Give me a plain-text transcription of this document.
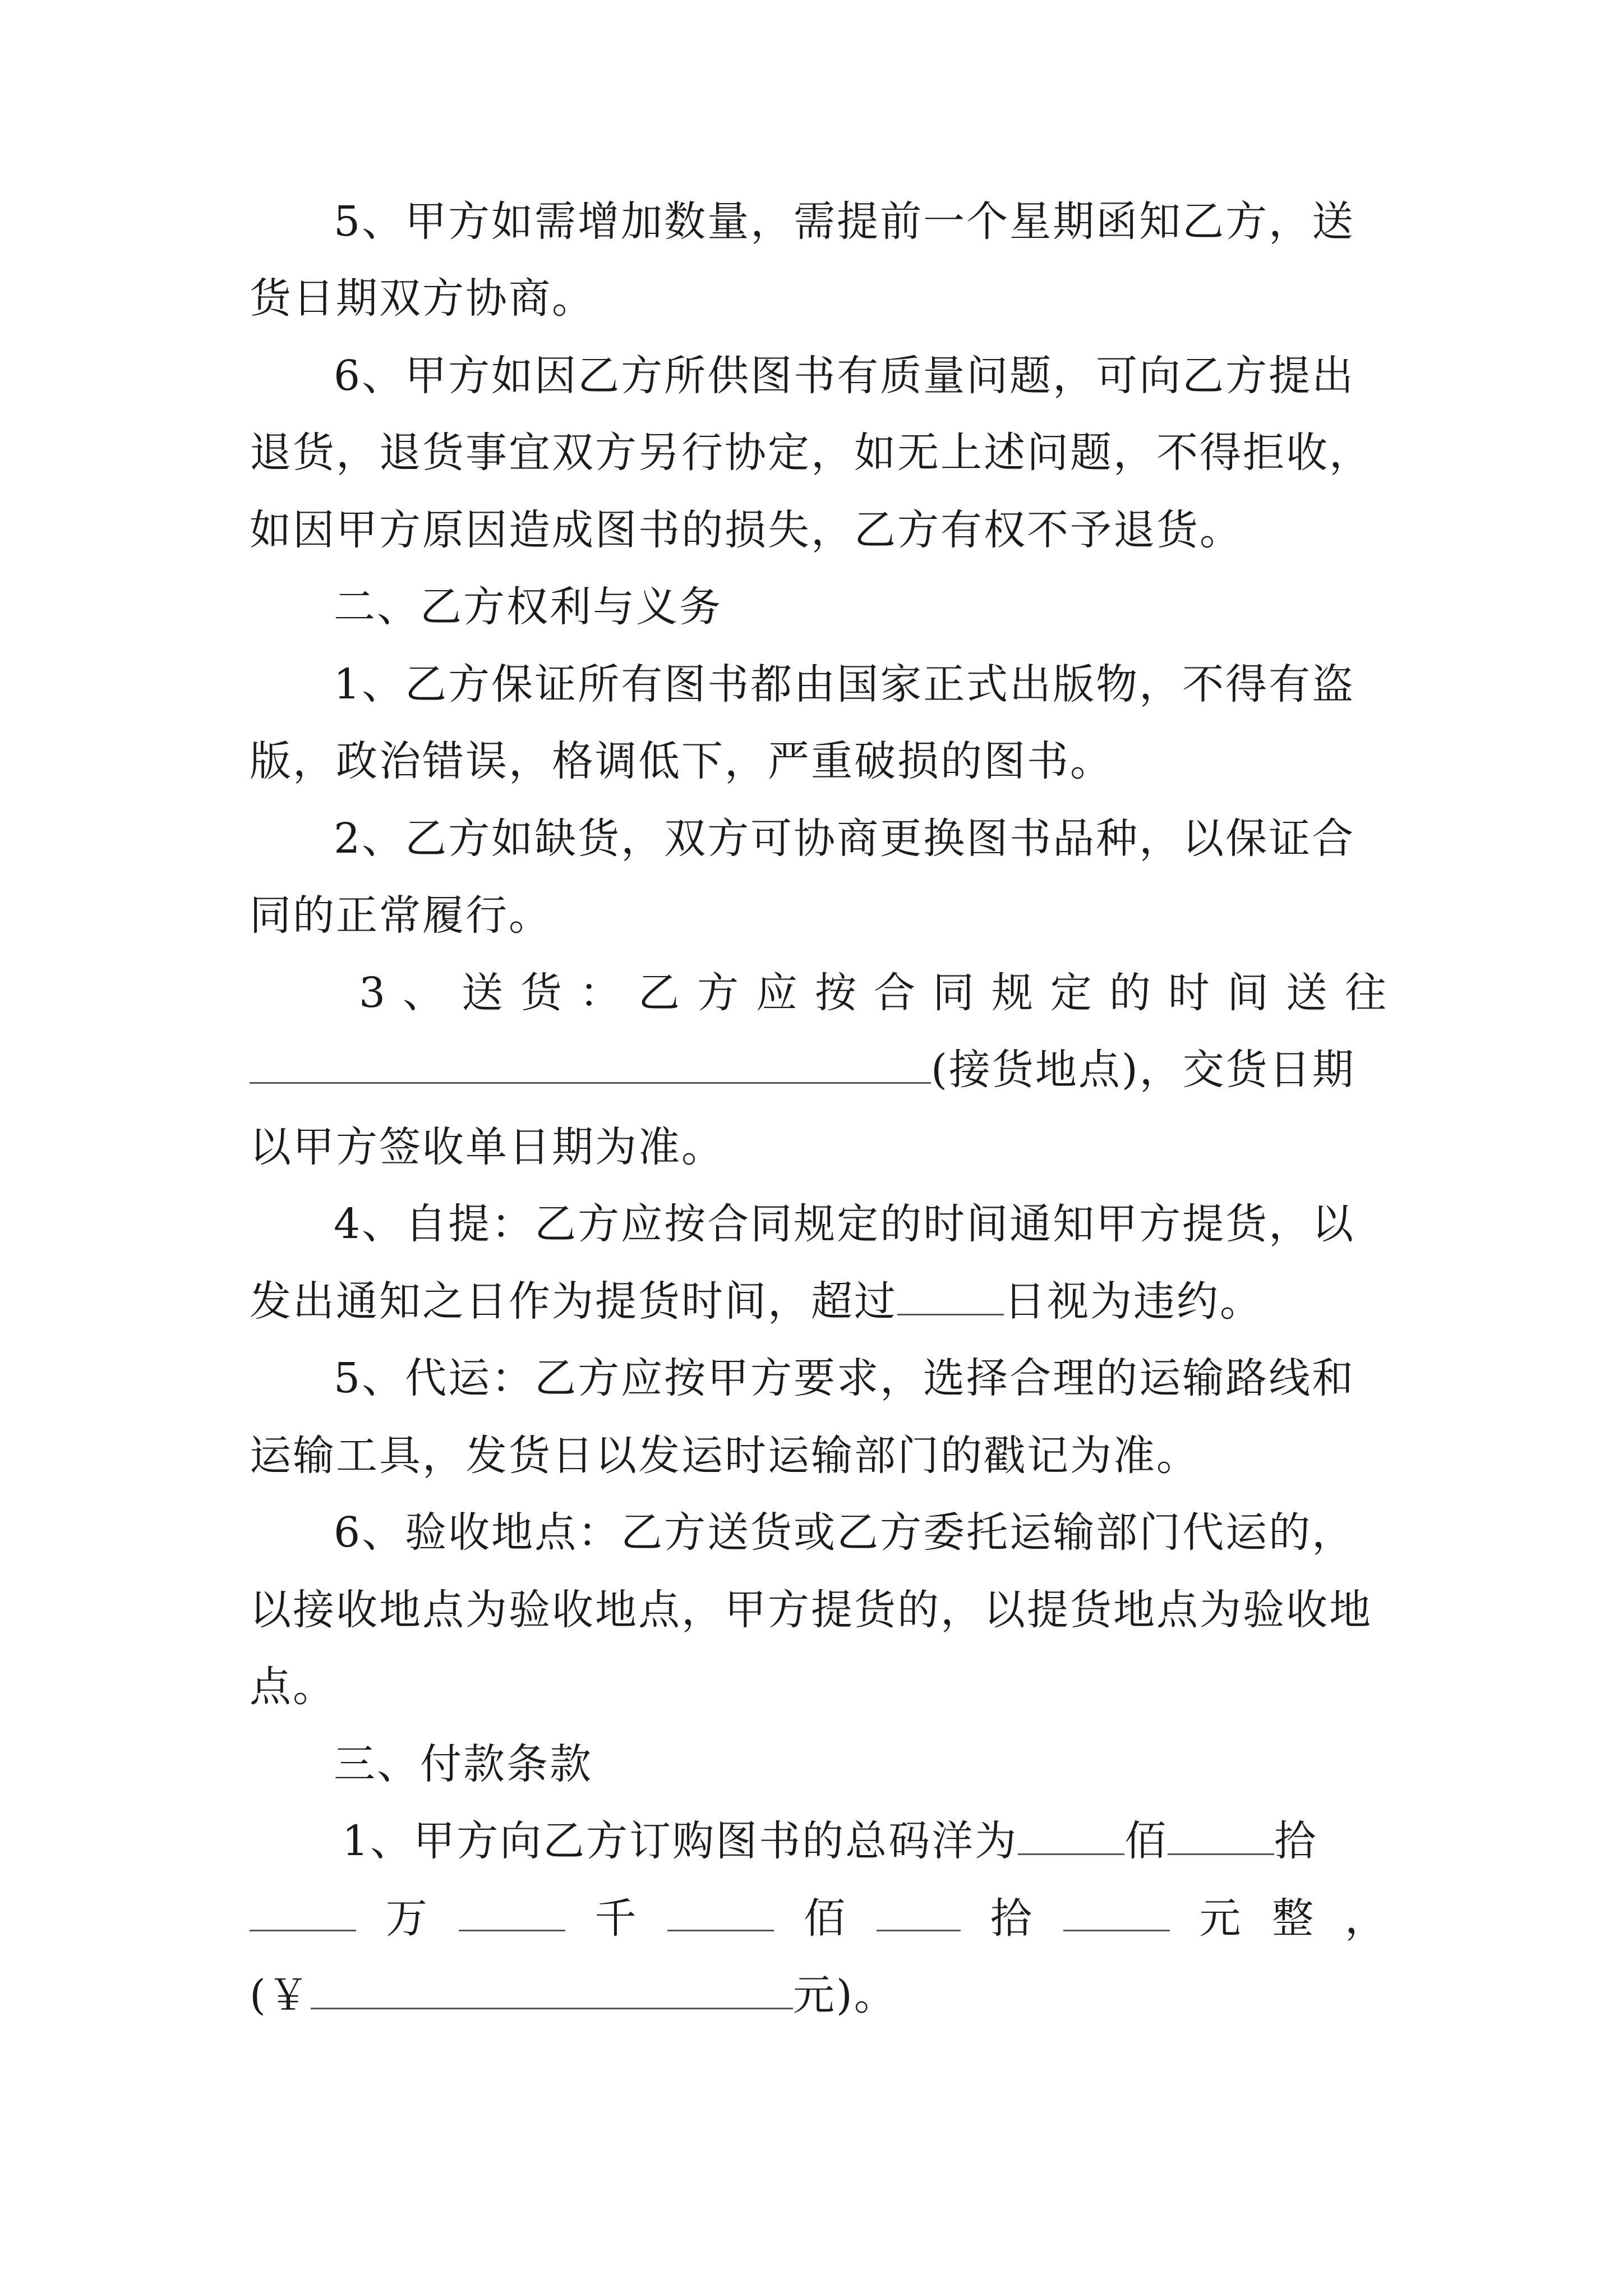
5、甲方如需增加数量，需提前一个星期函知乙方，送
货日期双方协商。
6、甲方如因乙方所供图书有质量问题，可向乙方提出
退货，退货事宜双方另行协定，如无上述问题，不得拒收，
如因甲方原因造成图书的损失，乙方有权不予退货。
二、乙方权利与义务
1、乙方保证所有图书都由国家正式出版物，不得有盗
版，政治错误，格调低下，严重破损的图书。
2、乙方如缺货，双方可协商更换图书品种，以保证合
同的正常履行。
3 、 送 货 ： 乙 方 应 按 合 同 规 定 的 时 间 送 往
(接货地点)，交货日期
以甲方签收单日期为准。
4、自提：乙方应按合同规定的时间通知甲方提货，以
发出通知之日作为提货时间，超过	日视为违约。
5、代运：乙方应按甲方要求，选择合理的运输路线和
运输工具，发货日以发运时运输部门的戳记为准。
6、验收地点：乙方送货或乙方委托运输部门代运的，
以接收地点为验收地点，甲方提货的，以提货地点为验收地
点。
三、付款条款
1、甲方向乙方订购图书的总码洋为	佰	拾
万	千	佰	拾	元 整 ，
(￥	元)。
